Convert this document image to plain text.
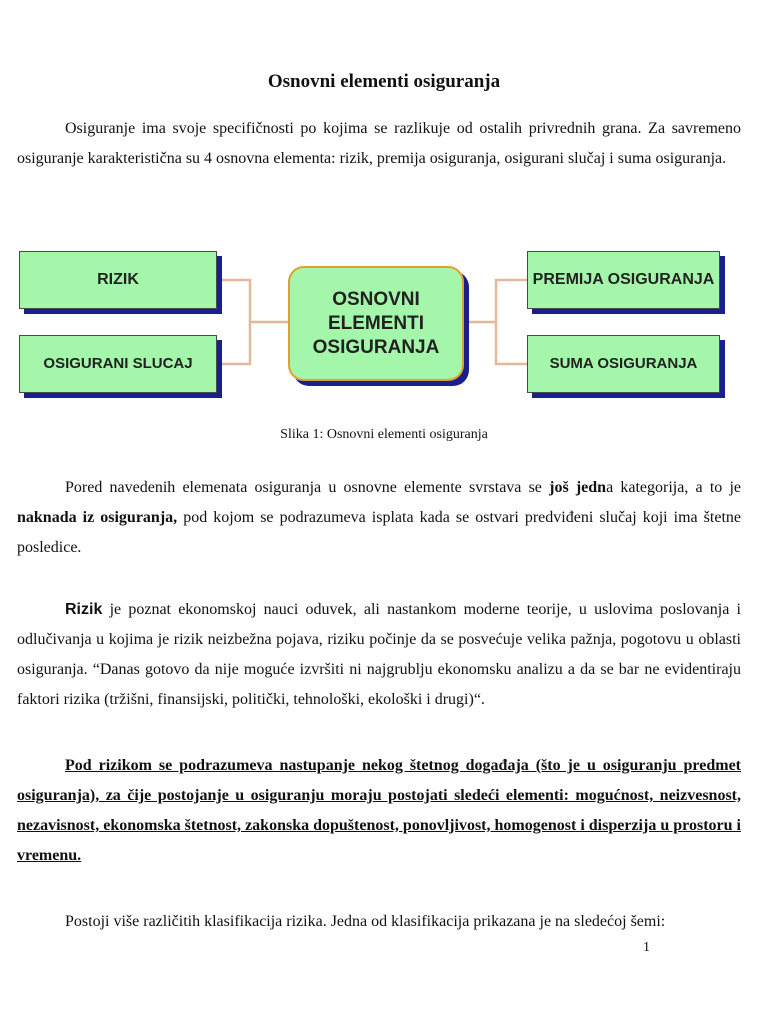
Osnovni elementi osiguranja

Osiguranje ima svoje specifičnosti po kojima se razlikuje od ostalih privrednih grana. Za savremeno osiguranje karakteristična su 4 osnovna elementa: rizik, premija osiguranja, osigurani slučaj i suma osiguranja.

RIZIK
OSIGURANI SLUCAJ
OSNOVNI ELEMENTI OSIGURANJA
PREMIJA OSIGURANJA
SUMA OSIGURANJA

Slika 1: Osnovni elementi osiguranja

Pored navedenih elemenata osiguranja u osnovne elemente svrstava se još jedna kategorija, a to je naknada iz osiguranja, pod kojom se podrazumeva isplata kada se ostvari predviđeni slučaj koji ima štetne posledice.

Rizik je poznat ekonomskoj nauci oduvek, ali nastankom moderne teorije, u uslovima poslovanja i odlučivanja u kojima je rizik neizbežna pojava, riziku počinje da se posvećuje velika pažnja, pogotovu u oblasti osiguranja. “Danas gotovo da nije moguće izvršiti ni najgrublju ekonomsku analizu a da se bar ne evidentiraju faktori rizika (tržišni, finansijski, politički, tehnološki, ekološki i drugi)“.

Pod rizikom se podrazumeva nastupanje nekog štetnog događaja (što je u osiguranju predmet osiguranja), za čije postojanje u osiguranju moraju postojati sledeći elementi: mogućnost, neizvesnost, nezavisnost, ekonomska štetnost, zakonska dopuštenost, ponovljivost, homogenost i disperzija u prostoru i vremenu.

Postoji više različitih klasifikacija rizika. Jedna od klasifikacija prikazana je na sledećoj šemi:

1
